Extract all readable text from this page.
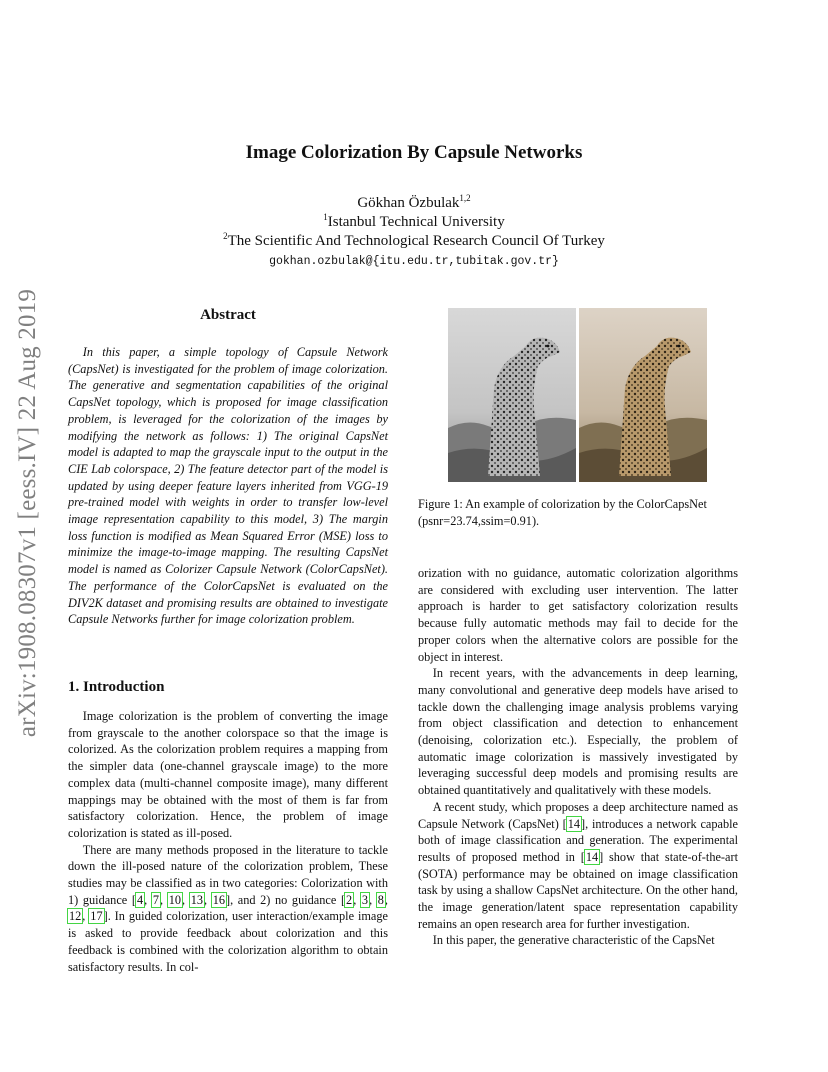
arXiv:1908.08307v1 [eess.IV] 22 Aug 2019
Image Colorization By Capsule Networks
Gökhan Özbulak$^{1,2}$
$^1$Istanbul Technical University
$^2$The Scientific And Technological Research Council Of Turkey
gokhan.ozbulak@{itu.edu.tr,tubitak.gov.tr}
Abstract
In this paper, a simple topology of Capsule Network (CapsNet) is investigated for the problem of image colorization. The generative and segmentation capabilities of the original CapsNet topology, which is proposed for image classification problem, is leveraged for the colorization of the images by modifying the network as follows: 1) The original CapsNet model is adapted to map the grayscale input to the output in the CIE Lab colorspace, 2) The feature detector part of the model is updated by using deeper feature layers inherited from VGG-19 pre-trained model with weights in order to transfer low-level image representation capability to this model, 3) The margin loss function is modified as Mean Squared Error (MSE) loss to minimize the image-to-image mapping. The resulting CapsNet model is named as Colorizer Capsule Network (ColorCapsNet). The performance of the ColorCapsNet is evaluated on the DIV2K dataset and promising results are obtained to investigate Capsule Networks further for image colorization problem.
1. Introduction

Image colorization is the problem of converting the image from grayscale to the another colorspace so that the image is colorized. As the colorization problem requires a mapping from the simpler data (one-channel grayscale image) to the more complex data (multi-channel composite image), many different mappings may be obtained with the most of them is far from satisfactory colorization. Hence, the problem of image colorization is stated as ill-posed.

There are many methods proposed in the literature to tackle down the ill-posed nature of the colorization problem, These studies may be classified as in two categories: Colorization with 1) guidance [4, 7, 10, 13, 16], and 2) no guidance [2, 3, 8, 12, 17]. In guided colorization, user interaction/example image is asked to provide feedback about colorization and this feedback is combined with the colorization algorithm to obtain satisfactory results. In col-

Figure 1: An example of colorization by the ColorCapsNet (psnr=23.74,ssim=0.91).

orization with no guidance, automatic colorization algorithms are considered with excluding user intervention. The latter approach is harder to get satisfactory colorization results because fully automatic methods may fail to decide for the proper colors when the alternative colors are possible for the object in interest.

In recent years, with the advancements in deep learning, many convolutional and generative deep models have arised to tackle down the challenging image analysis problems varying from object classification and detection to enhancement (denoising, colorization etc.). Especially, the problem of automatic image colorization is massively investigated by leveraging successful deep models and promising results are obtained quantitatively and qualitatively with these models.

A recent study, which proposes a deep architecture named as Capsule Network (CapsNet) [14], introduces a network capable both of image classification and generation. The experimental results of proposed method in [14] show that state-of-the-art (SOTA) performance may be obtained on image classification task by using a shallow CapsNet architecture. On the other hand, the image generation/latent space representation capability remains an open research area for further investigation.

In this paper, the generative characteristic of the CapsNet
